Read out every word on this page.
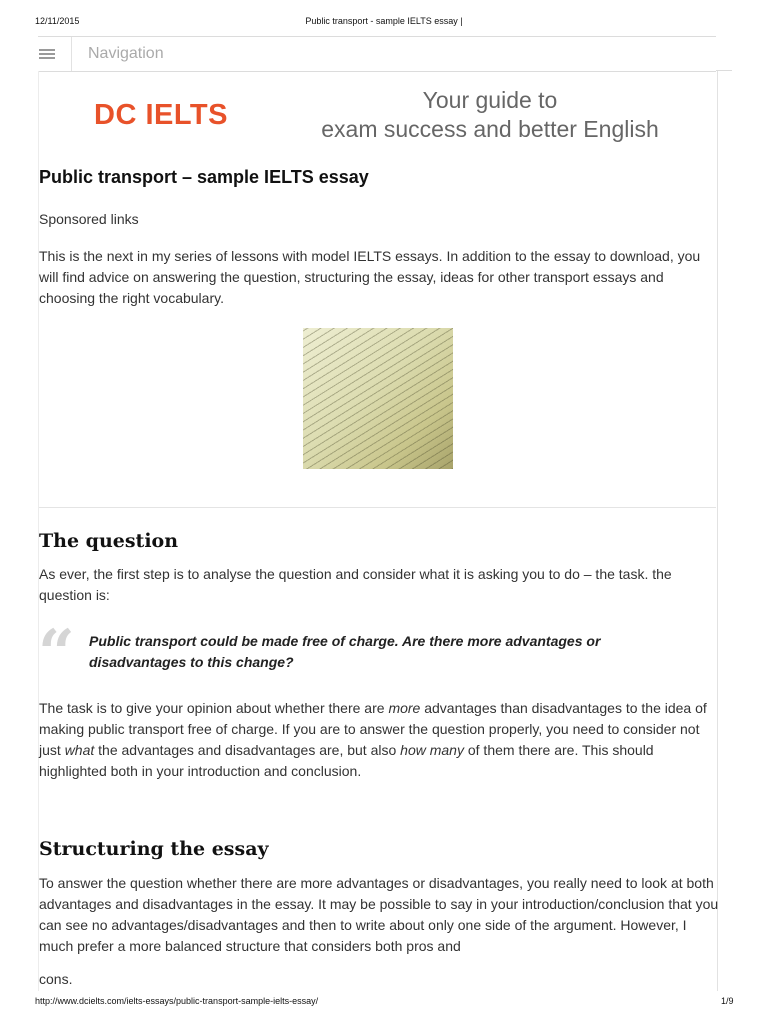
12/11/2015	Public transport - sample IELTS essay |
Navigation
DC IELTS	Your guide to
exam success and better English
Public transport – sample IELTS essay

Sponsored links

This is the next in my series of lessons with model IELTS essays. In addition to the essay to download, you will find advice on answering the question, structuring the essay, ideas for other transport essays and choosing the right vocabulary.

The question

As ever, the first step is to analyse the question and consider what it is asking you to do – the task. the question is:

“ Public transport could be made free of charge. Are there more advantages or disadvantages to this change?

The task is to give your opinion about whether there are more advantages than disadvantages to the idea of making public transport free of charge. If you are to answer the question properly, you need to consider not just what the advantages and disadvantages are, but also how many of them there are. This should highlighted both in your introduction and conclusion.

Structuring the essay

To answer the question whether there are more advantages or disadvantages, you really need to look at both advantages and disadvantages in the essay. It may be possible to say in your introduction/conclusion that you can see no advantages/disadvantages and then to write about only one side of the argument. However, I much prefer a more balanced structure that considers both pros and

cons.

http://www.dcielts.com/ielts-essays/public-transport-sample-ielts-essay/	1/9
